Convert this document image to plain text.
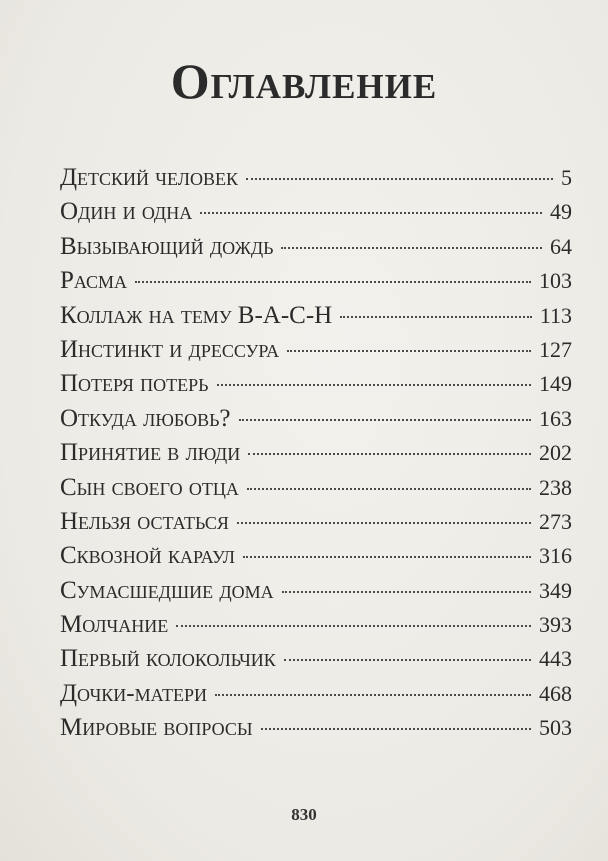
Оглавление
Детский человек	5
Один и одна	49
Вызывающий дождь	64
Расма	103
Коллаж на тему B-A-C-H	113
Инстинкт и дрессура	127
Потеря потерь	149
Откуда любовь?	163
Принятие в люди	202
Сын своего отца	238
Нельзя остаться	273
Сквозной караул	316
Сумасшедшие дома	349
Молчание	393
Первый колокольчик	443
Дочки-матери	468
Мировые вопросы	503
830
